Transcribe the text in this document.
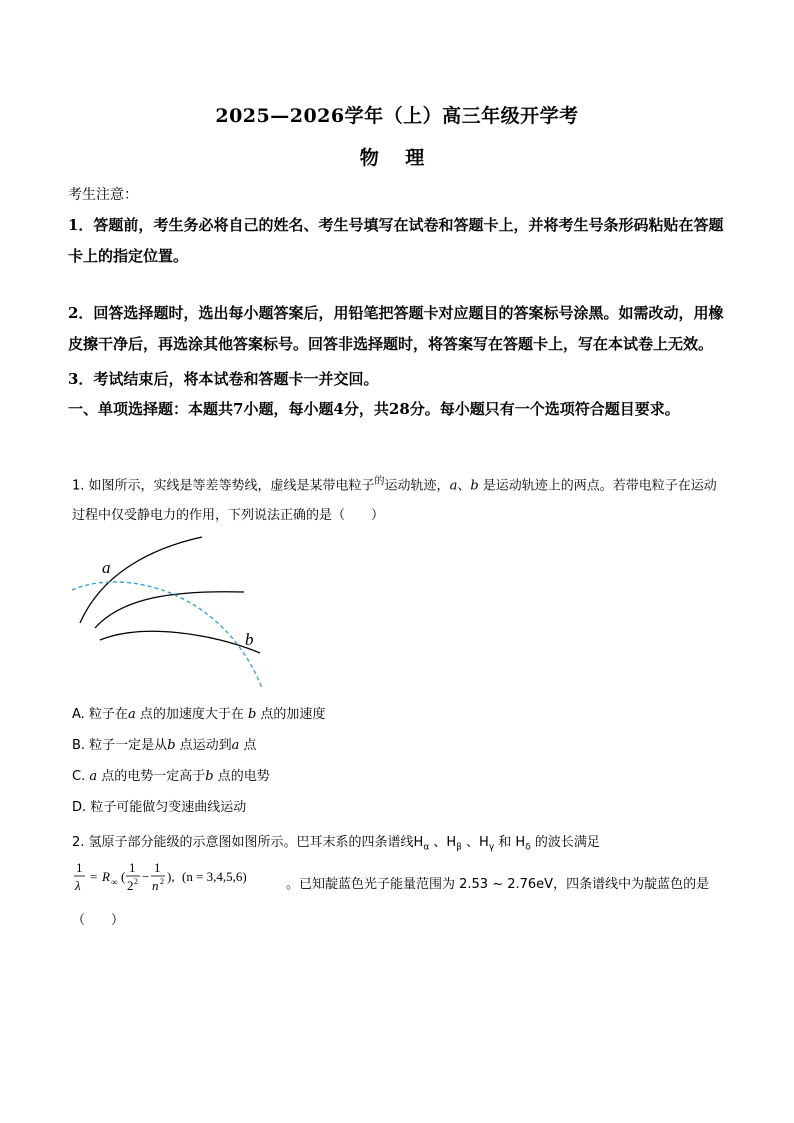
2025—2026学年（上）高三年级开学考
物 理
考生注意：
1．答题前，考生务必将自己的姓名、考生号填写在试卷和答题卡上，并将考生号条形码粘贴在答题卡上的指定位置。
2．回答选择题时，选出每小题答案后，用铅笔把答题卡对应题目的答案标号涂黑。如需改动，用橡皮擦干净后，再选涂其他答案标号。回答非选择题时，将答案写在答题卡上，写在本试卷上无效。
3．考试结束后，将本试卷和答题卡一并交回。
一、单项选择题：本题共7小题，每小题4分，共28分。每小题只有一个选项符合题目要求。
1. 如图所示，实线是等差等势线，虚线是某带电粒子$^的$运动轨迹，a、b 是运动轨迹上的两点。若带电粒子在运动过程中仅受静电力的作用，下列说法正确的是（　　）
a
b
A. 粒子在a 点的加速度大于在 b 点的加速度
B. 粒子一定是从b 点运动到a 点
C. a 点的电势一定高于b 点的电势
D. 粒子可能做匀变速曲线运动
2. 氢原子部分能级的示意图如图所示。巴耳末系的四条谱线$H_\alpha$ 、$H_\beta$ 、$H_\gamma$ 和 $H_\delta$ 的波长满足
1
λ
= R ∞ (
1
2 2 −
1
n 2 ), (n = 3,4,5,6)
。已知靛蓝色光子能量范围为 2.53 ~ 2.76eV，四条谱线中为靛蓝色的是
（　　）
